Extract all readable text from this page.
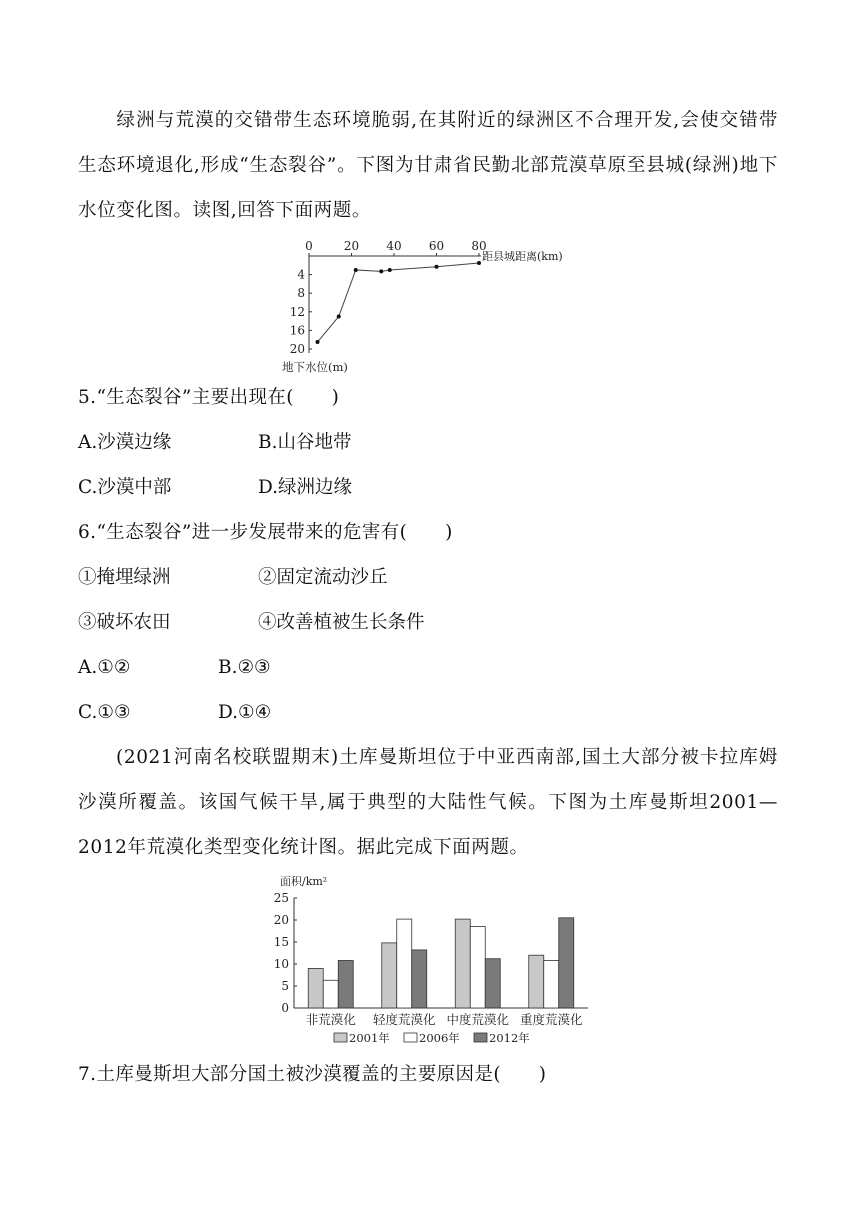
绿洲与荒漠的交错带生态环境脆弱,在其附近的绿洲区不合理开发,会使交错带生态环境退化,形成“生态裂谷”。下图为甘肃省民勤北部荒漠草原至县城(绿洲)地下水位变化图。读图,回答下面两题。

0	20 40 60 80
4
8
12
16
20
距县城距离(km)
地下水位(m)
5.“生态裂谷”主要出现在(　　)
A.沙漠边缘	B.山谷地带
C.沙漠中部	D.绿洲边缘
6.“生态裂谷”进一步发展带来的危害有(　　)
①掩埋绿洲	②固定流动沙丘
③破坏农田	④改善植被生长条件
A.①②	B.②③
C.①③	D.①④

(2021河南名校联盟期末)土库曼斯坦位于中亚西南部,国土大部分被卡拉库姆沙漠所覆盖。该国气候干旱,属于典型的大陆性气候。下图为土库曼斯坦2001—2012年荒漠化类型变化统计图。据此完成下面两题。

0
5
10
15
20
25
面积/km²
非荒漠化 轻度荒漠化 中度荒漠化 重度荒漠化
2001年	2006年	2012年
7.土库曼斯坦大部分国土被沙漠覆盖的主要原因是(　　)
